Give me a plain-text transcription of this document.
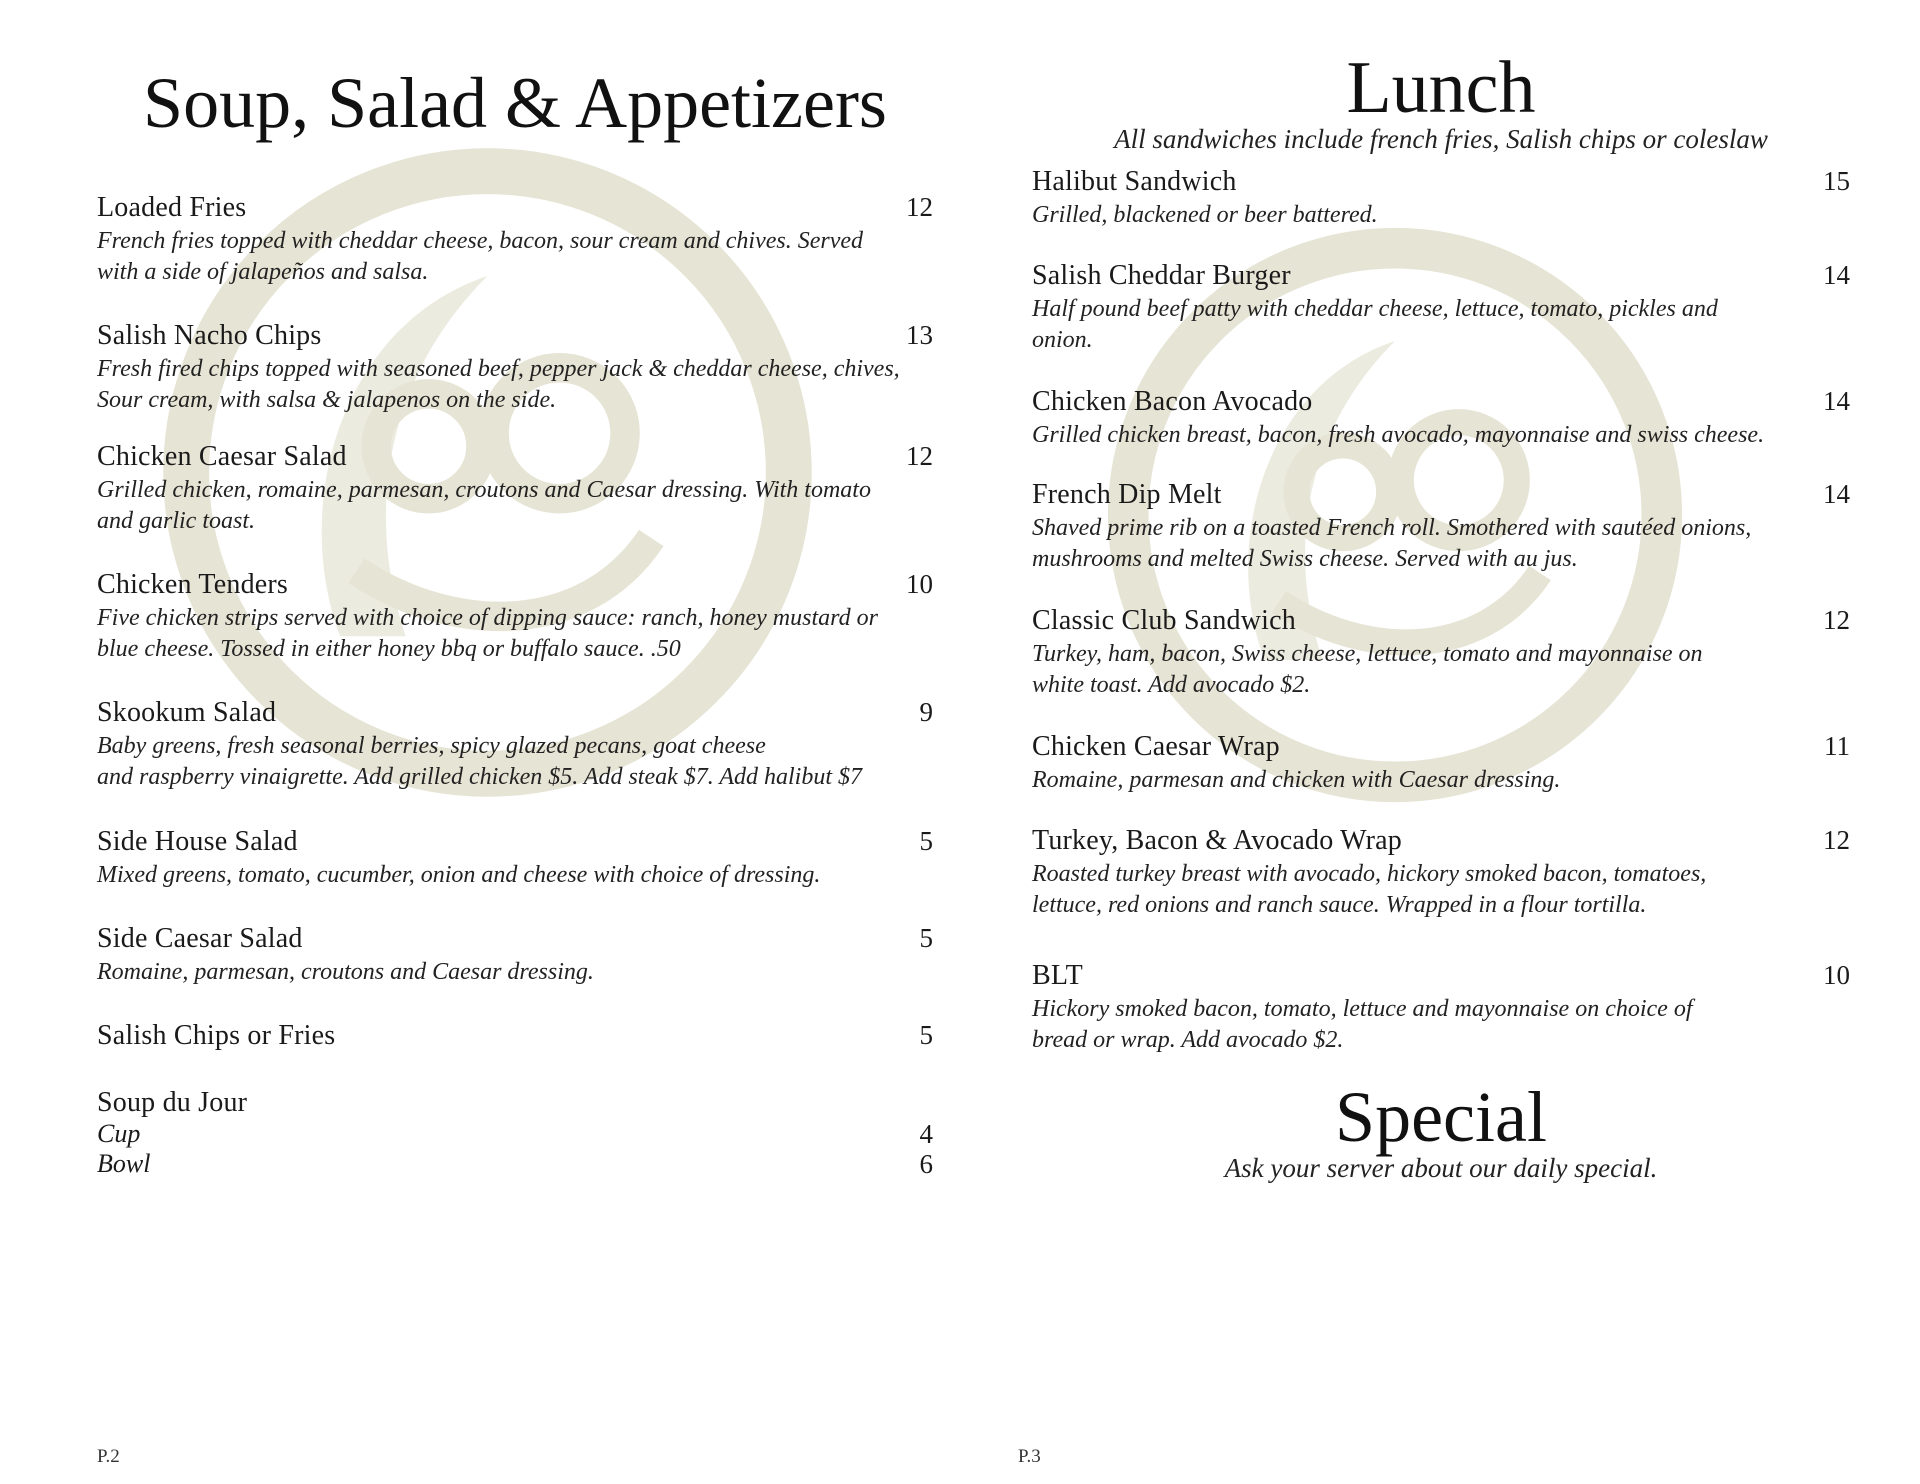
Soup, Salad & Appetizers
Loaded Fries	12
French fries topped with cheddar cheese, bacon, sour cream and chives. Served
with a side of jalapeños and salsa.
Salish Nacho Chips	13
Fresh fired chips topped with seasoned beef, pepper jack & cheddar cheese, chives,
Sour cream, with salsa & jalapenos on the side.
Chicken Caesar Salad	12
Grilled chicken, romaine, parmesan, croutons and Caesar dressing. With tomato
and garlic toast.
Chicken Tenders	10
Five chicken strips served with choice of dipping sauce: ranch, honey mustard or
blue cheese. Tossed in either honey bbq or buffalo sauce. .50
Skookum Salad	9
Baby greens, fresh seasonal berries, spicy glazed pecans, goat cheese
and raspberry vinaigrette. Add grilled chicken $5. Add steak $7. Add halibut $7
Side House Salad	5
Mixed greens, tomato, cucumber, onion and cheese with choice of dressing.
Side Caesar Salad	5
Romaine, parmesan, croutons and Caesar dressing.
Salish Chips or Fries	5
Soup du Jour
Cup	4
Bowl	6
P.2
Lunch
All sandwiches include french fries, Salish chips or coleslaw
Halibut Sandwich	15
Grilled, blackened or beer battered.
Salish Cheddar Burger	14
Half pound beef patty with cheddar cheese, lettuce, tomato, pickles and
onion.
Chicken Bacon Avocado	14
Grilled chicken breast, bacon, fresh avocado, mayonnaise and swiss cheese.
French Dip Melt	14
Shaved prime rib on a toasted French roll. Smothered with sautéed onions,
mushrooms and melted Swiss cheese. Served with au jus.
Classic Club Sandwich	12
Turkey, ham, bacon, Swiss cheese, lettuce, tomato and mayonnaise on
white toast. Add avocado $2.
Chicken Caesar Wrap	11
Romaine, parmesan and chicken with Caesar dressing.
Turkey, Bacon & Avocado Wrap	12
Roasted turkey breast with avocado, hickory smoked bacon, tomatoes,
lettuce, red onions and ranch sauce. Wrapped in a flour tortilla.
BLT	10
Hickory smoked bacon, tomato, lettuce and mayonnaise on choice of
bread or wrap. Add avocado $2.
Special
Ask your server about our daily special.
P.3
